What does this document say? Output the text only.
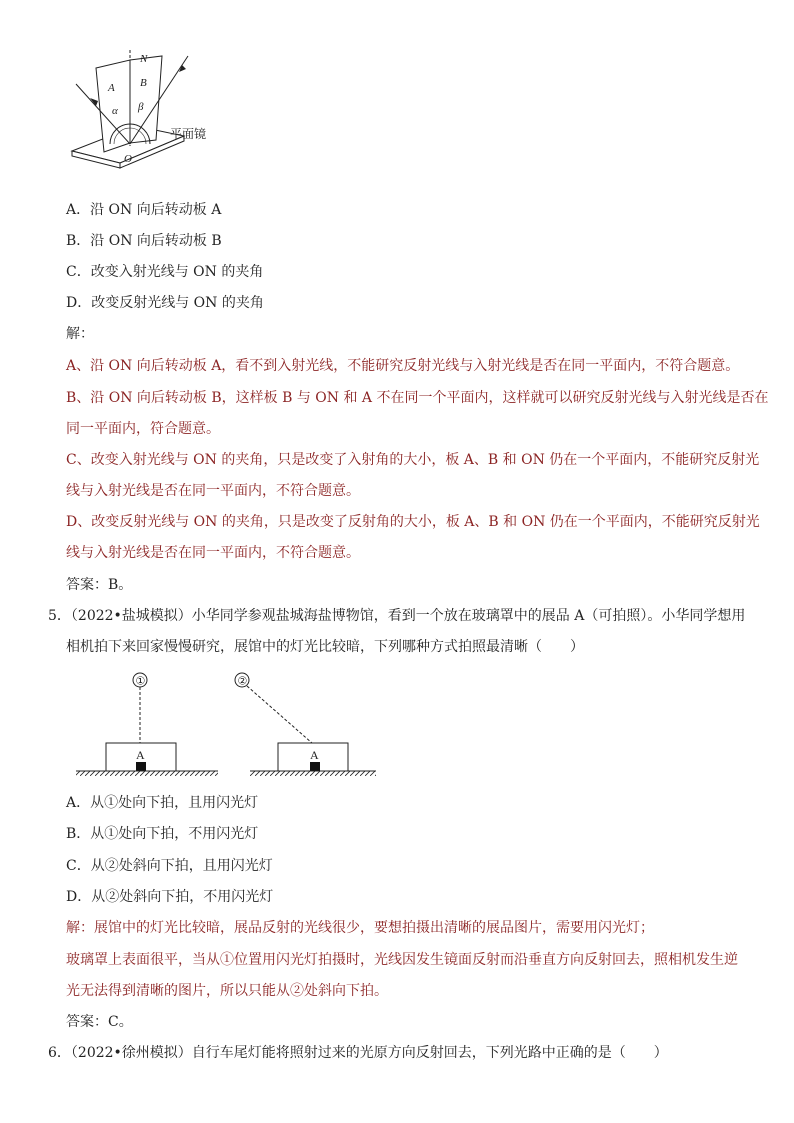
N
A B
α β
O
平面镜
A．沿 ON 向后转动板 A
B．沿 ON 向后转动板 B
C．改变入射光线与 ON 的夹角
D．改变反射光线与 ON 的夹角
解：
A、沿 ON 向后转动板 A，看不到入射光线，不能研究反射光线与入射光线是否在同一平面内，不符合题意。
B、沿 ON 向后转动板 B，这样板 B 与 ON 和 A 不在同一个平面内，这样就可以研究反射光线与入射光线是否在
同一平面内，符合题意。
C、改变入射光线与 ON 的夹角，只是改变了入射角的大小，板 A、B 和 ON 仍在一个平面内，不能研究反射光
线与入射光线是否在同一平面内，不符合题意。
D、改变反射光线与 ON 的夹角，只是改变了反射角的大小，板 A、B 和 ON 仍在一个平面内，不能研究反射光
线与入射光线是否在同一平面内，不符合题意。
答案：B。
5．（2022•盐城模拟）小华同学参观盐城海盐博物馆，看到一个放在玻璃罩中的展品 A（可拍照）。小华同学想用
相机拍下来回家慢慢研究，展馆中的灯光比较暗，下列哪种方式拍照最清晰（　　）
①
A
②
A
A．从①处向下拍，且用闪光灯
B．从①处向下拍，不用闪光灯
C．从②处斜向下拍，且用闪光灯
D．从②处斜向下拍，不用闪光灯
解：展馆中的灯光比较暗，展品反射的光线很少，要想拍摄出清晰的展品图片，需要用闪光灯；
玻璃罩上表面很平，当从①位置用闪光灯拍摄时，光线因发生镜面反射而沿垂直方向反射回去，照相机发生逆
光无法得到清晰的图片，所以只能从②处斜向下拍。
答案：C。
6．（2022•徐州模拟）自行车尾灯能将照射过来的光原方向反射回去，下列光路中正确的是（　　）
